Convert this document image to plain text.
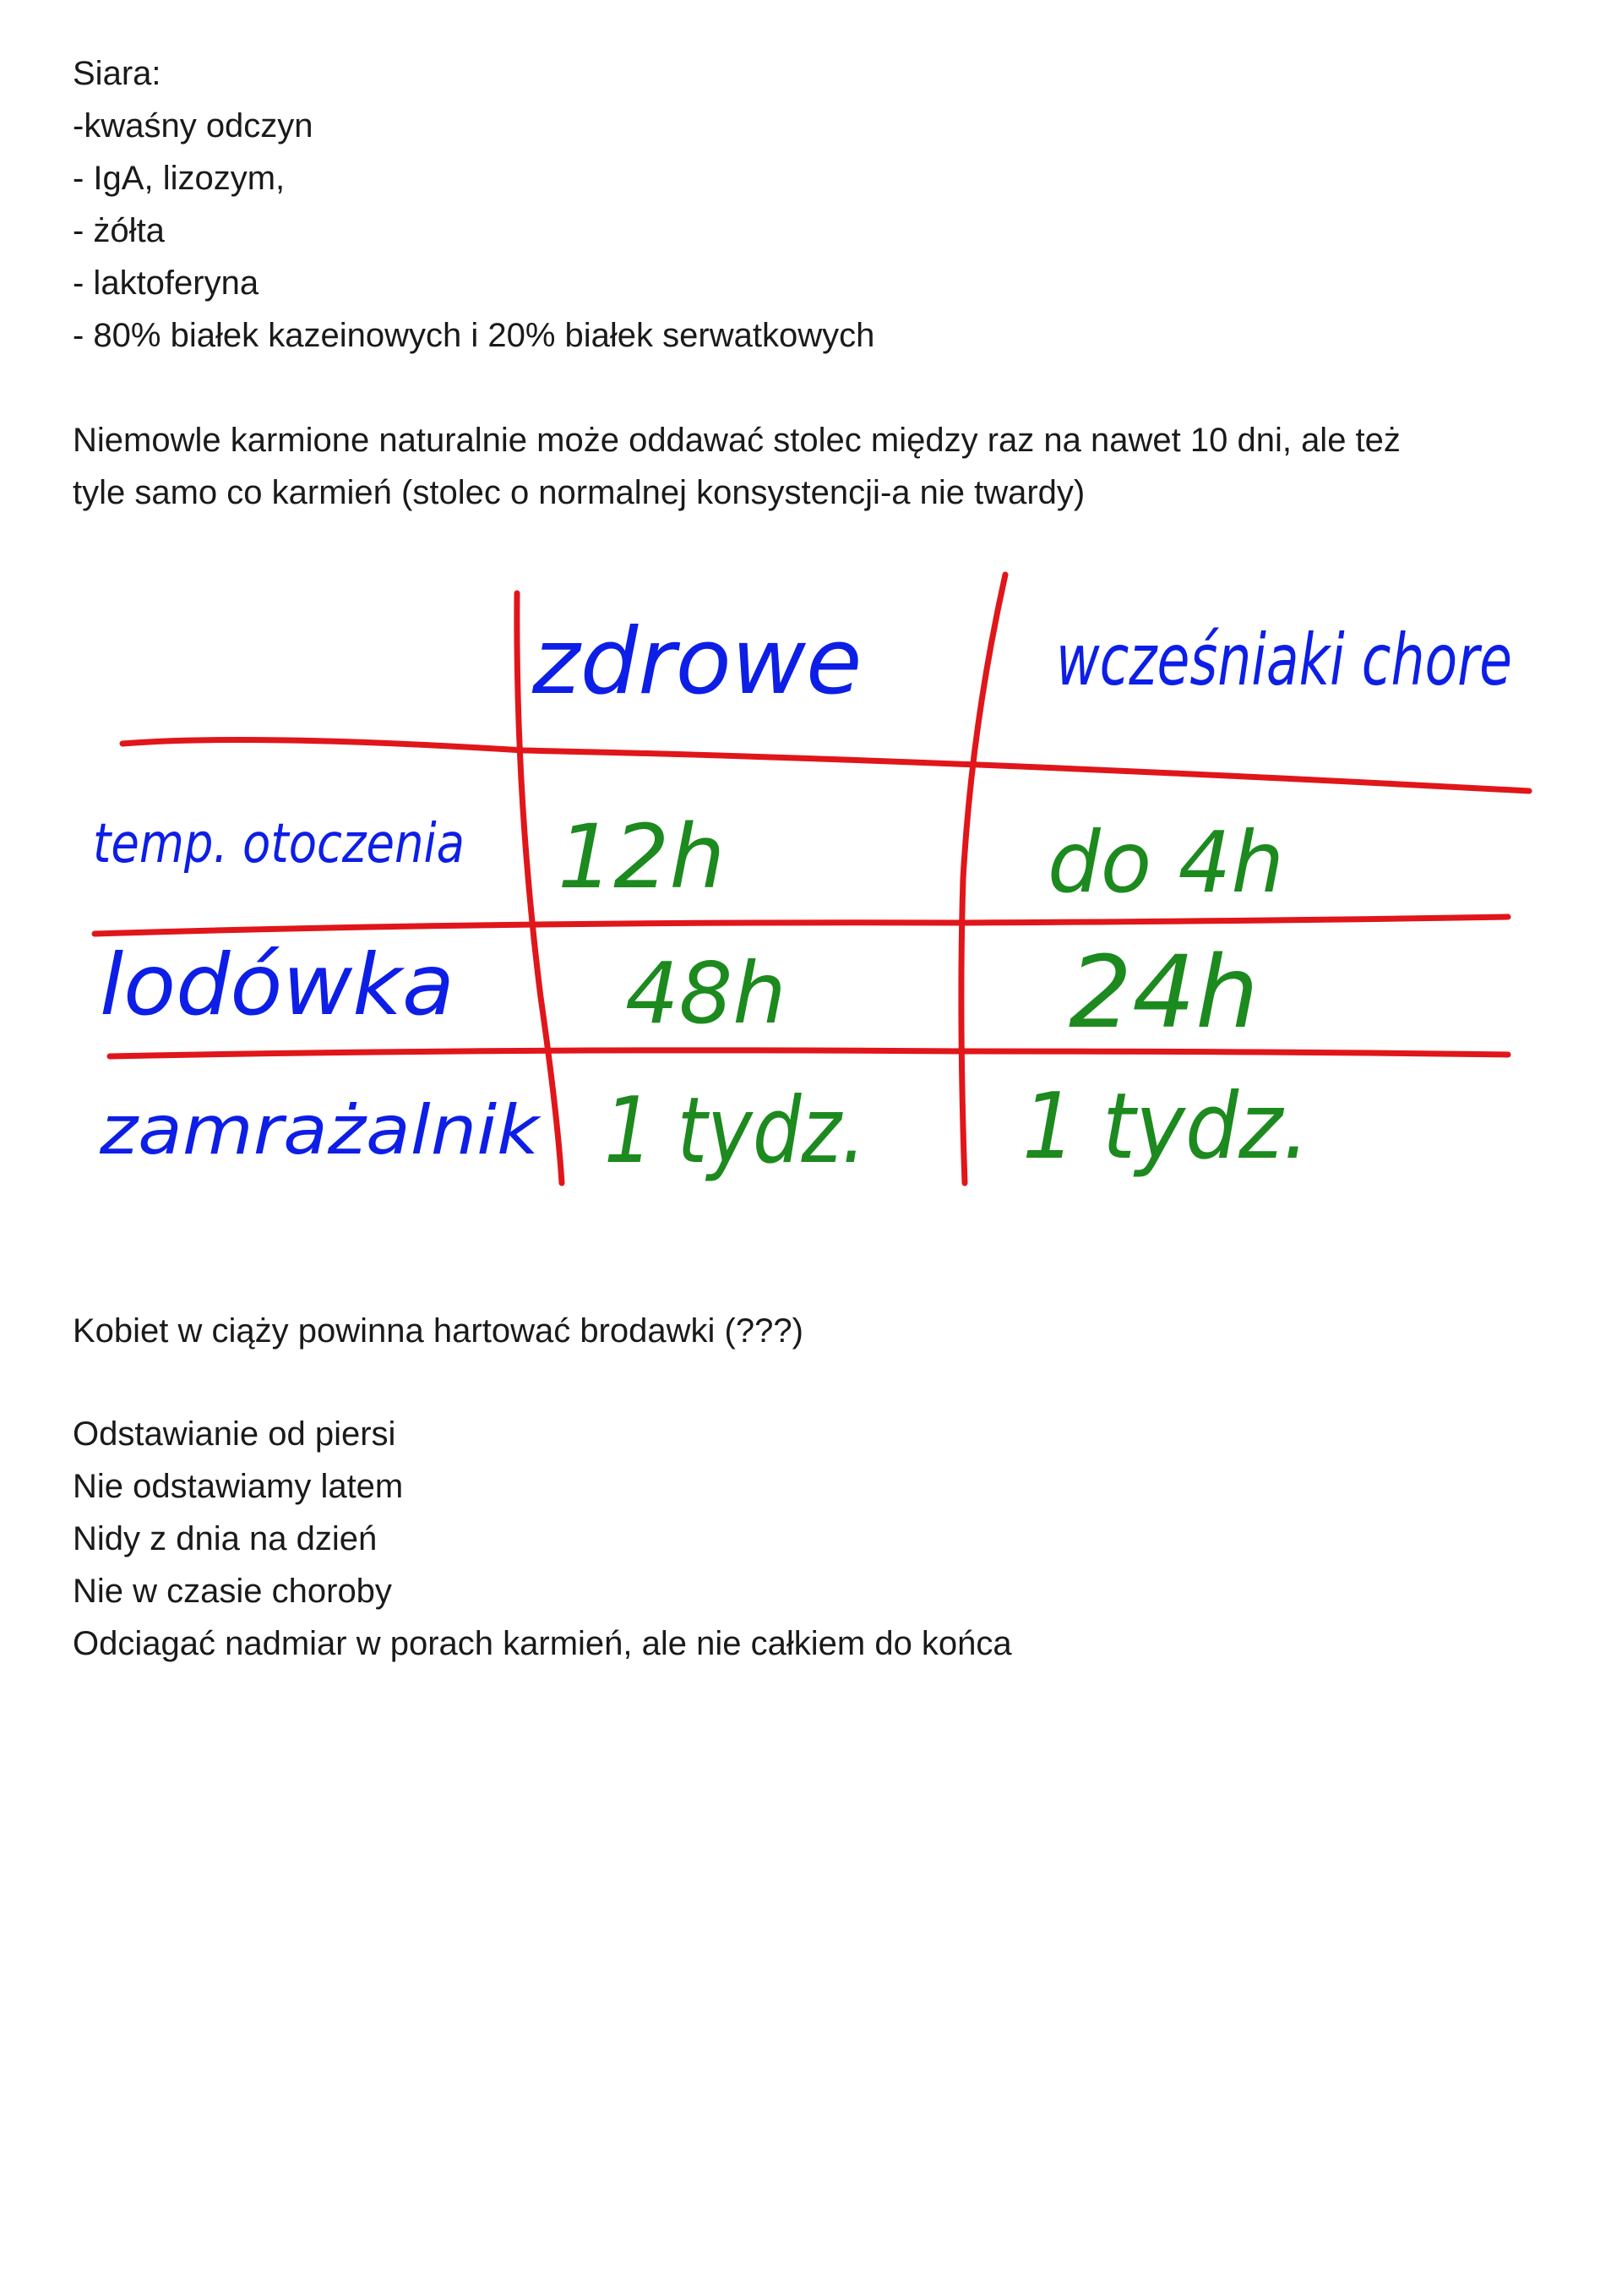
Siara:

-kwaśny odczyn

- IgA, lizozym,

- żółta

- laktoferyna

- 80% białek kazeinowych i 20% białek serwatkowych

Niemowle karmione naturalnie może oddawać stolec między raz na nawet 10 dni, ale też

tyle samo co karmień (stolec o normalnej konsystencji-a nie twardy)

zdrowe	wcześniaki chore
temp. otoczenia
lodówka
zamrażalnik
12h
48h
1 tydz.
do 4h
24h
1 tydz.

Kobiet w ciąży powinna hartować brodawki (???)

Odstawianie od piersi

Nie odstawiamy latem

Nidy z dnia na dzień

Nie w czasie choroby

Odciagać nadmiar w porach karmień, ale nie całkiem do końca
